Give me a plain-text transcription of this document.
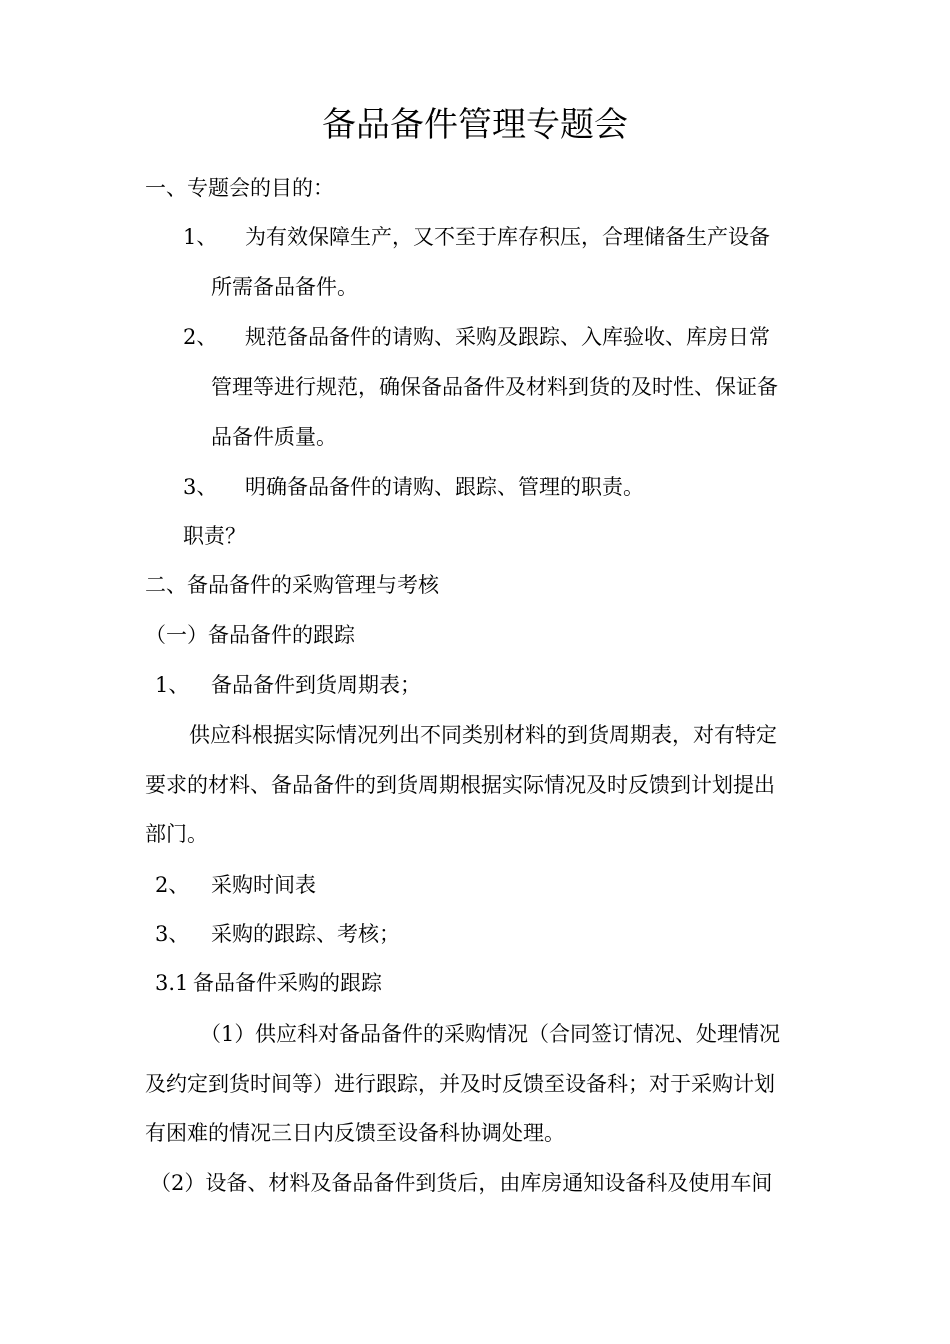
备品备件管理专题会
一、专题会的目的：
1、 为有效保障生产，又不至于库存积压，合理储备生产设备
所需备品备件。
2、 规范备品备件的请购、采购及跟踪、入库验收、库房日常
管理等进行规范，确保备品备件及材料到货的及时性、保证备
品备件质量。
3、 明确备品备件的请购、跟踪、管理的职责。
职责？
二、备品备件的采购管理与考核
（一）备品备件的跟踪
1、 备品备件到货周期表；
供应科根据实际情况列出不同类别材料的到货周期表，对有特定
要求的材料、备品备件的到货周期根据实际情况及时反馈到计划提出
部门。
2、 采购时间表
3、 采购的跟踪、考核；
3.1 备品备件采购的跟踪
（1） 供应科对备品备件的采购情况（合同签订情况、处理情况
及约定到货时间等）进行跟踪，并及时反馈至设备科；对于采购计划
有困难的情况三日内反馈至设备科协调处理。
（2）设备、材料及备品备件到货后，由库房通知设备科及使用车间
